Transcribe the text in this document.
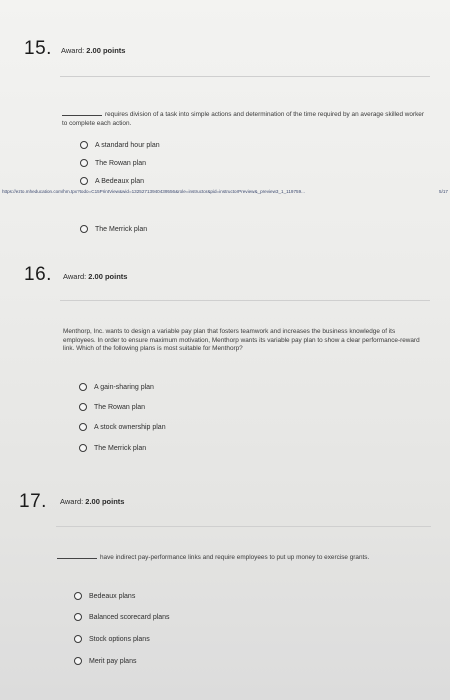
https://ezto.mheducation.com/hm.tpx?todo=C15PrintView&wid=13252713940439556&role=instructor&pid=instructorPreview&_preview3_1_119759...	5/17
15. Award: 2.00 points
requires division of a task into simple actions and determination of the time required by an average skilled worker to complete each action.
A standard hour plan
The Rowan plan
A Bedeaux plan
The Merrick plan
16. Award: 2.00 points
Menthorp, Inc. wants to design a variable pay plan that fosters teamwork and increases the business knowledge of its employees. In order to ensure maximum motivation, Menthorp wants its variable pay plan to show a clear performance-reward link. Which of the following plans is most suitable for Menthorp?
A gain-sharing plan
The Rowan plan
A stock ownership plan
The Merrick plan
17. Award: 2.00 points
have indirect pay-performance links and require employees to put up money to exercise grants.
Bedeaux plans
Balanced scorecard plans
Stock options plans
Merit pay plans
